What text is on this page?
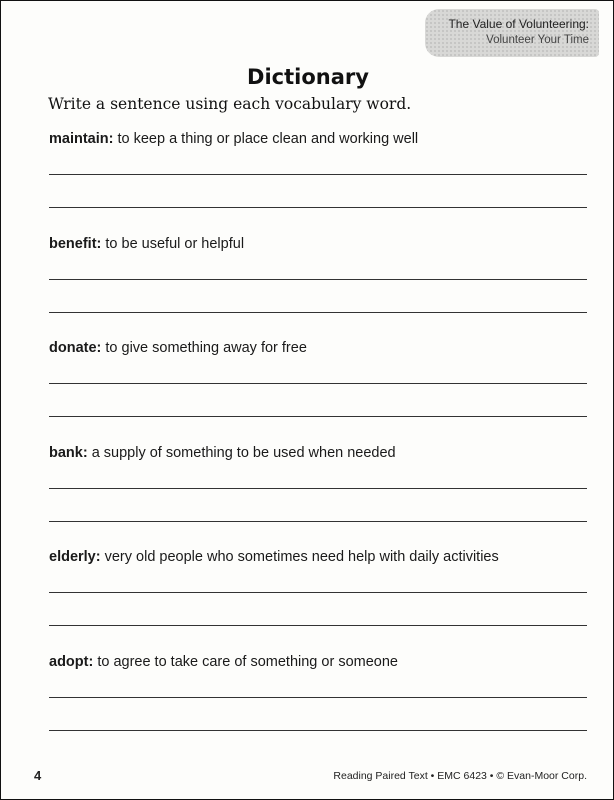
The Value of Volunteering:
Volunteer Your Time
Dictionary
Write a sentence using each vocabulary word.
maintain: to keep a thing or place clean and working well
benefit: to be useful or helpful
donate: to give something away for free
bank: a supply of something to be used when needed
elderly: very old people who sometimes need help with daily activities
adopt: to agree to take care of something or someone
4	Reading Paired Text • EMC 6423 • © Evan-Moor Corp.
